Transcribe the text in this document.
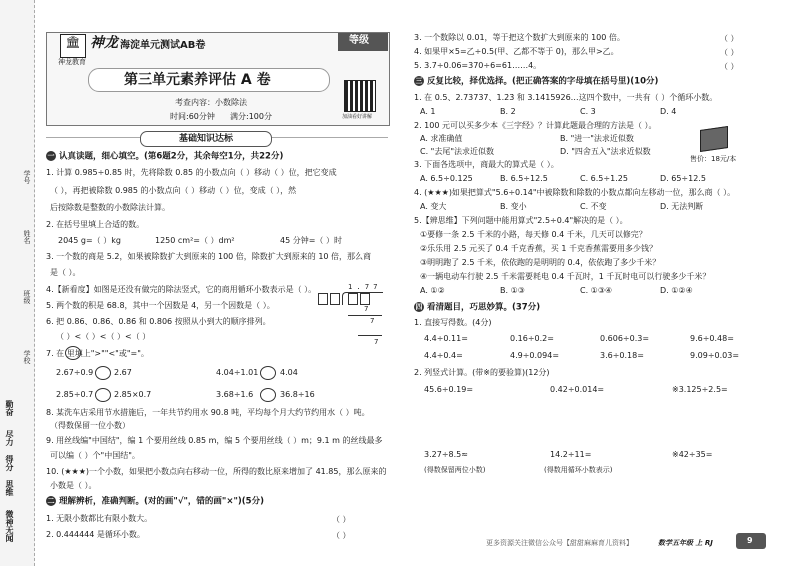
学校
班级
姓名
学号
勤奋
尽力
得分
思维
微神无闻
🏛
神龙教育
神龙 海淀单元测试AB卷	等级
第三单元素养评估 A 卷
考查内容：小数除法
时间:60分钟 满分:100分	加油看好讲解
基础知识达标
一 认真读题，细心填空。(第6题2分，其余每空1分，共22分)
1. 计算 0.985÷0.85 时，先将除数 0.85 的小数点向（ ）移动（ ）位，把它变成
（ ），再把被除数 0.985 的小数点向（ ）移动（ ）位，变成（ ），然
后按除数是整数的小数除法计算。
2. 在括号里填上合适的数。
2045 g=（ ）kg	1250 cm²=（ ）dm²	45 分钟=（ ）时
3. 一个数的商是 5.2，如果被除数扩大到原来的 100 倍，除数扩大到原来的 10 倍，那么商
是（ ）。
4.【新看度】如图是还没有做完的除法竖式，它的商用循环小数表示是（ ）。	1 . 7 7
7
7
7
5. 两个数的积是 68.8，其中一个因数是 4，另一个因数是（ ）。
6. 把 0.86、0.86̇、0.8̇6̇ 和 0.806 按照从小到大的顺序排列。
（ ）<（ ）<（ ）<（ ）
7. 在 里填上">""<"或"="。
2.67÷0.9	2.67	4.04÷1.01	4.04
2.85÷0.7	2.85×0.7	3.68÷1.6	36.8÷16
8. 某洗车店采用节水措施后，一年共节约用水 90.8 吨，平均每个月大约节约用水（ ）吨。
（得数保留一位小数）
9. 用丝线编"中国结"，编 1 个要用丝线 0.85 m，编 5 个要用丝线（ ）m；9.1 m 的丝线最多
可以编（ ）个"中国结"。
10. (★★★)一个小数，如果把小数点向右移动一位，所得的数比原来增加了 41.85，那么原来的
小数是（ ）。
二 理解辨析，准确判断。(对的画"√"，错的画"×")(5分)
1. 无限小数都比有限小数大。	（ ）
2. 0.444444 是循环小数。	（ ）
3. 一个数除以 0.01，等于把这个数扩大到原来的 100 倍。	（ ）
4. 如果甲×5=乙÷0.5(甲、乙都不等于 0)，那么甲>乙。	（ ）
5. 3.7÷0.06=370÷6=61……4。	（ ）
三 反复比较，择优选择。(把正确答案的字母填在括号里)(10分)
1. 在 0.5、2.73737、1.2̇3̇ 和 3.1415926…这四个数中，一共有（ ）个循环小数。
A. 1	B. 2	C. 3	D. 4
2. 100 元可以买多少本《三字经》？计算此题最合理的方法是（ ）。
A. 求准确值	B. "进一"法求近似数
C. "去尾"法求近似数	D. "四舍五入"法求近似数
售价：18元/本
3. 下面各选项中，商最大的算式是（ ）。
A. 6.5÷0.125	B. 6.5÷12.5	C. 6.5÷1.25	D. 65÷12.5
4. (★★★)如果把算式"5.6÷0.14"中被除数和除数的小数点都向左移动一位，那么商（ ）。
A. 变大	B. 变小	C. 不变	D. 无法判断
5.【辨思维】下列问题中能用算式"2.5÷0.4"解决的是（ ）。
①要修一条 2.5 千米的小路，每天修 0.4 千米，几天可以修完？
②乐乐用 2.5 元买了 0.4 千克香蕉，买 1 千克香蕉需要用多少钱？
③明明跑了 2.5 千米，依依跑的是明明的 0.4，依依跑了多少千米？
④一辆电动车行驶 2.5 千米需要耗电 0.4 千瓦时，1 千瓦时电可以行驶多少千米？
A. ①②	B. ①③	C. ①③④	D. ①②④
四 看清题目，巧思妙算。(37分)
1. 直接写得数。(4分)
4.4÷0.11=	0.16÷0.2=	0.606÷0.3=	9.6÷0.48=
4.4÷0.4=	4.9÷0.094=	3.6÷0.18=	9.09÷0.03=
2. 列竖式计算。(带※的要验算)(12分)
45.6÷0.19=	0.42÷0.014=	※3.125÷2.5=
3.27÷8.5≈	14.2÷11=	※42÷35=
(得数保留两位小数)	(得数用循环小数表示)
更多资源关注微信公众号【甜甜麻麻育儿资料】	数学五年级 上 RJ	9
